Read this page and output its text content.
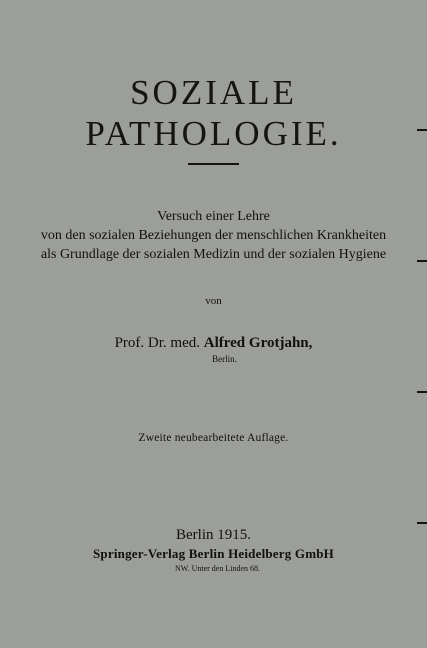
SOZIALE
PATHOLOGIE.
Versuch einer Lehre
von den sozialen Beziehungen der menschlichen Krankheiten
als Grundlage der sozialen Medizin und der sozialen Hygiene
von
Prof. Dr. med. Alfred Grotjahn,
Berlin.
Zweite neubearbeitete Auflage.
Berlin 1915.
Springer-Verlag Berlin Heidelberg GmbH
NW. Unter den Linden 68.
